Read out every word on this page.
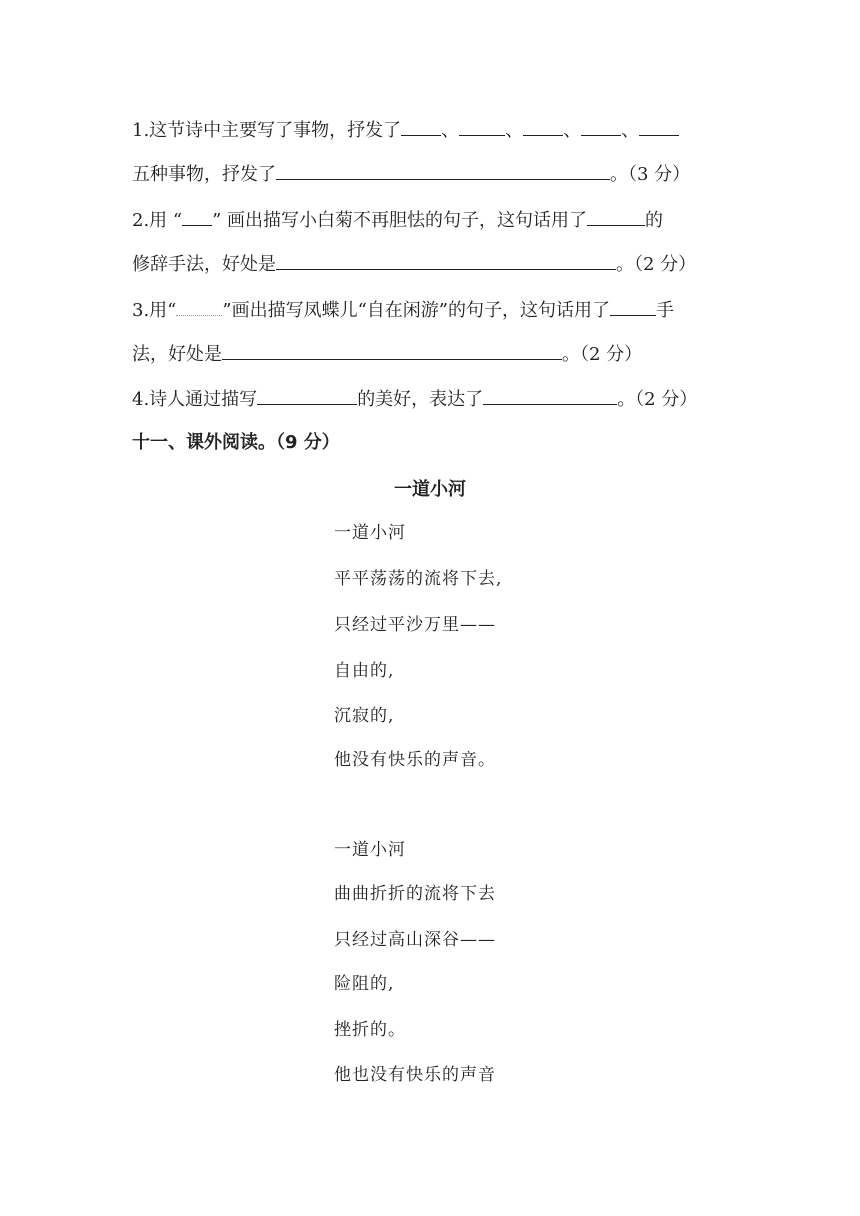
1.这节诗中主要写了事物，抒发了 、	、 、 、
五种事物，抒发了	。（3 分）
2.用 “ ” 画出描写小白菊不再胆怯的句子，这句话用了	的
修辞手法，好处是	。（2 分）
3.用“	”画出描写凤蝶儿“自在闲游”的句子，这句话用了	手
法，好处是	。（2 分）
4.诗人通过描写	的美好，表达了	。（2 分）
十一、课外阅读。（9 分）
一道小河
一道小河
平平荡荡的流将下去,
只经过平沙万里——
自由的,
沉寂的,
他没有快乐的声音。
一道小河
曲曲折折的流将下去
只经过高山深谷——
险阻的,
挫折的。
他也没有快乐的声音
